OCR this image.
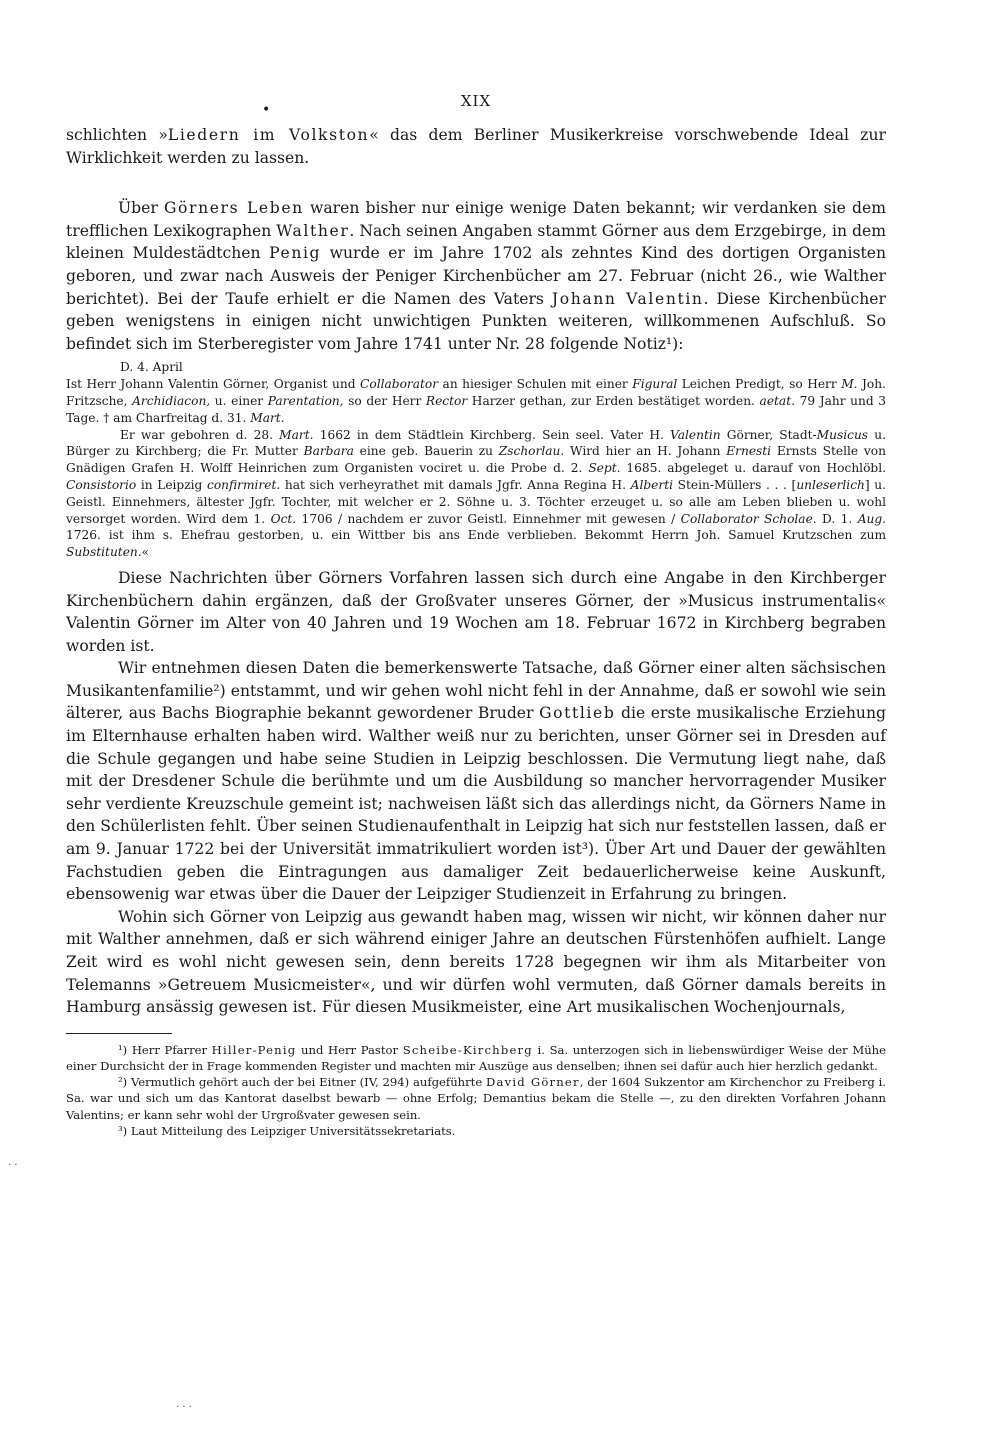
•	XIX

schlichten »Liedern im Volkston« das dem Berliner Musikerkreise vorschwebende Ideal zur Wirklichkeit werden zu lassen.

Über Görners Leben waren bisher nur einige wenige Daten bekannt; wir verdanken sie dem trefflichen Lexikographen Walther. Nach seinen Angaben stammt Görner aus dem Erzgebirge, in dem kleinen Muldestädtchen Penig wurde er im Jahre 1702 als zehntes Kind des dortigen Organisten geboren, und zwar nach Ausweis der Peniger Kirchenbücher am 27. Februar (nicht 26., wie Walther berichtet). Bei der Taufe erhielt er die Namen des Vaters Johann Valentin. Diese Kirchenbücher geben wenigstens in einigen nicht unwichtigen Punkten weiteren, willkommenen Aufschluß. So befindet sich im Sterberegister vom Jahre 1741 unter Nr. 28 folgende Notiz¹):

D. 4. April

Ist Herr Johann Valentin Görner, Organist und Collaborator an hiesiger Schulen mit einer Figural Leichen Predigt, so Herr M. Joh. Fritzsche, Archidiacon, u. einer Parentation, so der Herr Rector Harzer gethan, zur Erden bestätiget worden. aetat. 79 Jahr und 3 Tage. † am Charfreitag d. 31. Mart.

Er war gebohren d. 28. Mart. 1662 in dem Städtlein Kirchberg. Sein seel. Vater H. Valentin Görner, Stadt-Musicus u. Bürger zu Kirchberg; die Fr. Mutter Barbara eine geb. Bauerin zu Zschorlau. Wird hier an H. Johann Ernesti Ernsts Stelle von Gnädigen Grafen H. Wolff Heinrichen zum Organisten vociret u. die Probe d. 2. Sept. 1685. abgeleget u. darauf von Hochlöbl. Consistorio in Leipzig confirmiret. hat sich verheyrathet mit damals Jgfr. Anna Regina H. Alberti Stein-Müllers . . . [unleserlich] u. Geistl. Einnehmers, ältester Jgfr. Tochter, mit welcher er 2. Söhne u. 3. Töchter erzeuget u. so alle am Leben blieben u. wohl versorget worden. Wird dem 1. Oct. 1706 / nachdem er zuvor Geistl. Einnehmer mit gewesen / Collaborator Scholae. D. 1. Aug. 1726. ist ihm s. Ehefrau gestorben, u. ein Wittber bis ans Ende verblieben. Bekommt Herrn Joh. Samuel Krutzschen zum Substituten.«

Diese Nachrichten über Görners Vorfahren lassen sich durch eine Angabe in den Kirchberger Kirchenbüchern dahin ergänzen, daß der Großvater unseres Görner, der »Musicus instrumentalis« Valentin Görner im Alter von 40 Jahren und 19 Wochen am 18. Februar 1672 in Kirchberg begraben worden ist.

Wir entnehmen diesen Daten die bemerkenswerte Tatsache, daß Görner einer alten sächsischen Musikantenfamilie²) entstammt, und wir gehen wohl nicht fehl in der Annahme, daß er sowohl wie sein älterer, aus Bachs Biographie bekannt gewordener Bruder Gottlieb die erste musikalische Erziehung im Elternhause erhalten haben wird. Walther weiß nur zu berichten, unser Görner sei in Dresden auf die Schule gegangen und habe seine Studien in Leipzig beschlossen. Die Vermutung liegt nahe, daß mit der Dresdener Schule die berühmte und um die Ausbildung so mancher hervorragender Musiker sehr verdiente Kreuzschule gemeint ist; nachweisen läßt sich das allerdings nicht, da Görners Name in den Schülerlisten fehlt. Über seinen Studienaufenthalt in Leipzig hat sich nur feststellen lassen, daß er am 9. Januar 1722 bei der Universität immatrikuliert worden ist³). Über Art und Dauer der gewählten Fachstudien geben die Eintragungen aus damaliger Zeit bedauerlicherweise keine Auskunft, ebensowenig war etwas über die Dauer der Leipziger Studienzeit in Erfahrung zu bringen.

Wohin sich Görner von Leipzig aus gewandt haben mag, wissen wir nicht, wir können daher nur mit Walther annehmen, daß er sich während einiger Jahre an deutschen Fürstenhöfen aufhielt. Lange Zeit wird es wohl nicht gewesen sein, denn bereits 1728 begegnen wir ihm als Mitarbeiter von Telemanns »Getreuem Musicmeister«, und wir dürfen wohl vermuten, daß Görner damals bereits in Hamburg ansässig gewesen ist. Für diesen Musikmeister, eine Art musikalischen Wochenjournals,

¹) Herr Pfarrer Hiller-Penig und Herr Pastor Scheibe-Kirchberg i. Sa. unterzogen sich in liebenswürdiger Weise der Mühe einer Durchsicht der in Frage kommenden Register und machten mir Auszüge aus denselben; ihnen sei dafür auch hier herzlich gedankt.

²) Vermutlich gehört auch der bei Eitner (IV, 294) aufgeführte David Görner, der 1604 Sukzentor am Kirchenchor zu Freiberg i. Sa. war und sich um das Kantorat daselbst bewarb — ohne Erfolg; Demantius bekam die Stelle —, zu den direkten Vorfahren Johann Valentins; er kann sehr wohl der Urgroßvater gewesen sein.

³) Laut Mitteilung des Leipziger Universitätssekretariats.

· ·
· · ·
